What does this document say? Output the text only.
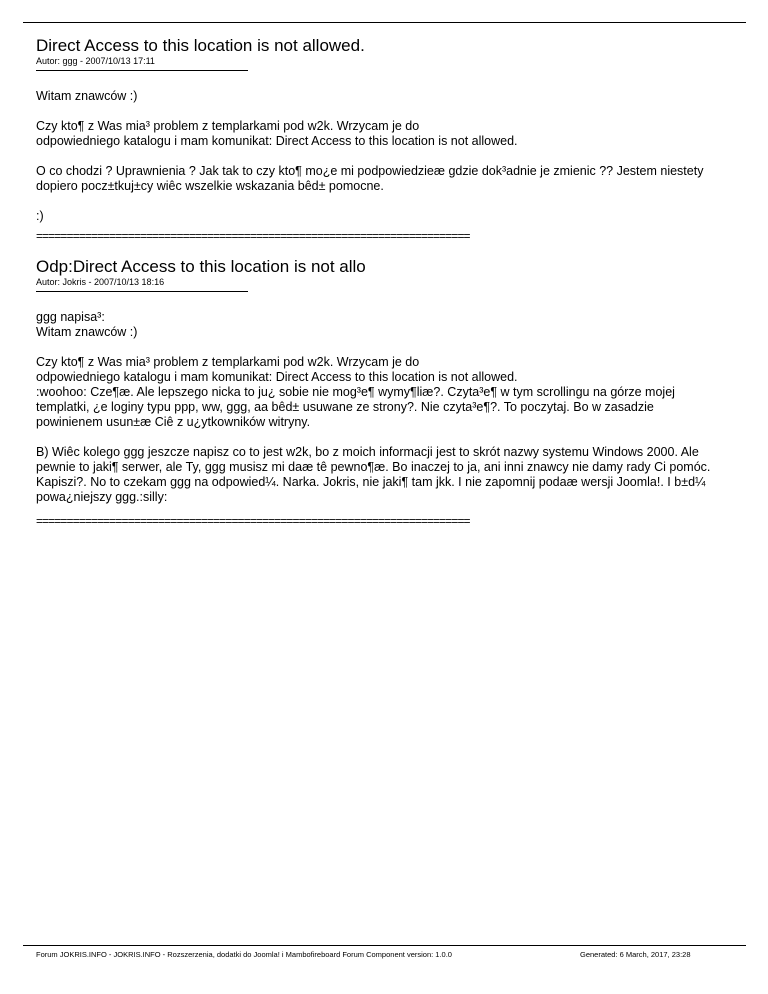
Direct Access to this location is not allowed.
Autor: ggg - 2007/10/13 17:11

Witam znawców :)

Czy kto¶ z Was mia³ problem z templarkami pod w2k. Wrzycam je do
odpowiedniego katalogu i mam komunikat: Direct Access to this location is not allowed.

O co chodzi ? Uprawnienia ? Jak tak to czy kto¶ mo¿e mi podpowiedzieæ gdzie dok³adnie je zmienic ?? Jestem niestety
dopiero pocz±tkuj±cy wiêc wszelkie wskazania bêd± pomocne.

:)

=======================================================================
Odp:Direct Access to this location is not allo
Autor: Jokris - 2007/10/13 18:16

ggg napisa³:
Witam znawców :)

Czy kto¶ z Was mia³ problem z templarkami pod w2k. Wrzycam je do
odpowiedniego katalogu i mam komunikat: Direct Access to this location is not allowed.
:woohoo: Cze¶æ. Ale lepszego nicka to ju¿ sobie nie mog³e¶ wymy¶liæ?. Czyta³e¶ w tym scrollingu na górze mojej
templatki, ¿e loginy typu ppp, ww, ggg, aa bêd± usuwane ze strony?. Nie czyta³e¶?. To poczytaj. Bo w zasadzie
powinienem usun±æ Ciê z u¿ytkowników witryny.

B) Wiêc kolego ggg jeszcze napisz co to jest w2k, bo z moich informacji jest to skrót nazwy systemu Windows 2000. Ale
pewnie to jaki¶ serwer, ale Ty, ggg musisz mi daæ tê pewno¶æ. Bo inaczej to ja, ani inni znawcy nie damy rady Ci pomóc.
Kapiszi?. No to czekam ggg na odpowied¼. Narka. Jokris, nie jaki¶ tam jkk. I nie zapomnij podaæ wersji Joomla!. I b±d¼
powa¿niejszy ggg.:silly:

=======================================================================
Forum JOKRIS.INFO - JOKRIS.INFO - Rozszerzenia, dodatki do Joomla! i Mambo​fireboard Forum Component version: 1.0.0	Generated: 6 March, 2017, 23:28
